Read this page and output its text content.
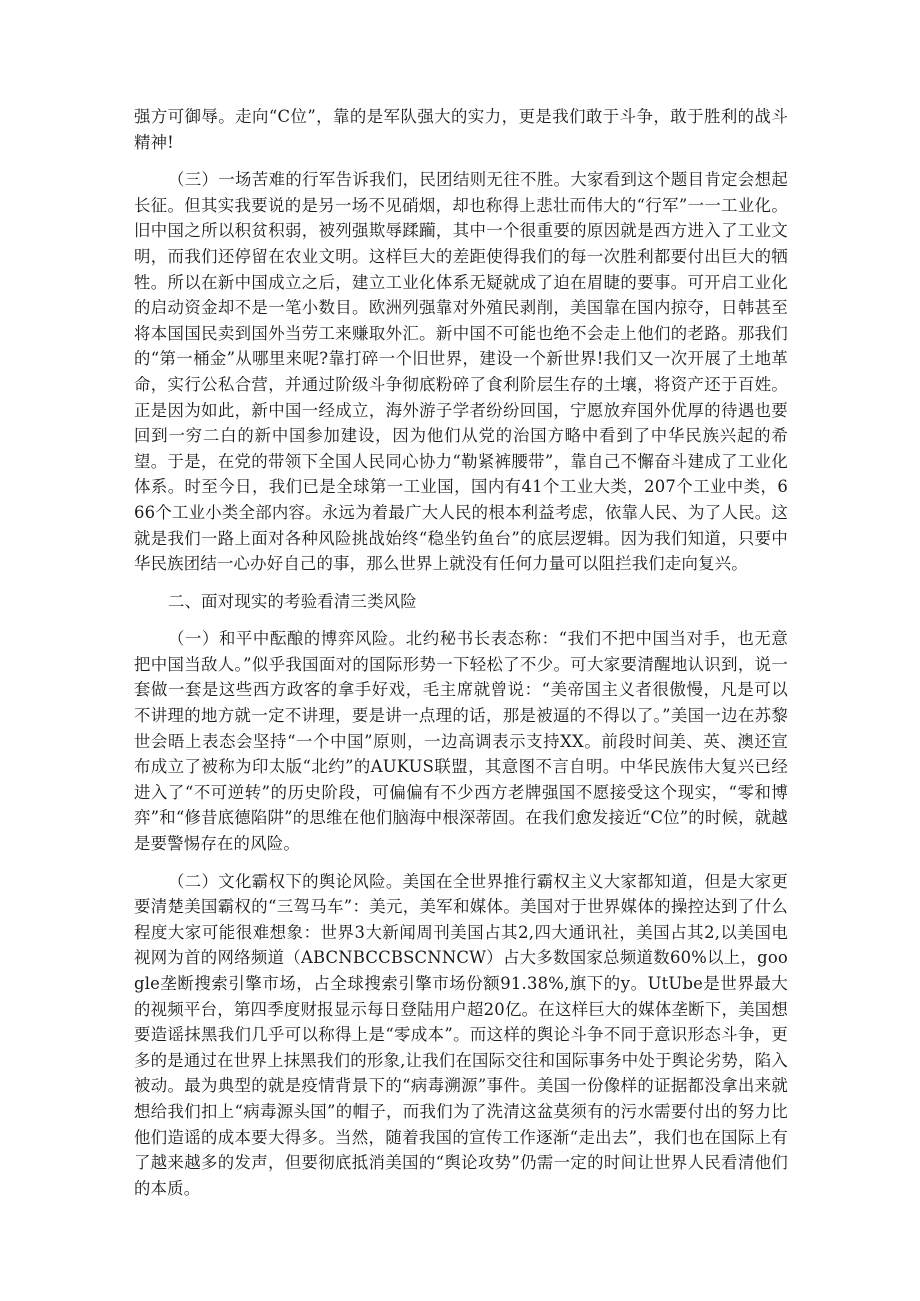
强方可御辱。走向“C位”，靠的是军队强大的实力，更是我们敢于斗争，敢于胜利的战斗精神!

（三）一场苦难的行军告诉我们，民团结则无往不胜。大家看到这个题目肯定会想起长征。但其实我要说的是另一场不见硝烟，却也称得上悲壮而伟大的“行军”一一工业化。旧中国之所以积贫积弱，被列强欺辱蹂躏，其中一个很重要的原因就是西方进入了工业文明，而我们还停留在农业文明。这样巨大的差距使得我们的每一次胜利都要付出巨大的牺牲。所以在新中国成立之后，建立工业化体系无疑就成了迫在眉睫的要事。可开启工业化的启动资金却不是一笔小数目。欧洲列强靠对外殖民剥削，美国靠在国内掠夺，日韩甚至将本国国民卖到国外当劳工来赚取外汇。新中国不可能也绝不会走上他们的老路。那我们的“第一桶金”从哪里来呢?靠打碎一个旧世界，建设一个新世界!我们又一次开展了土地革命，实行公私合营，并通过阶级斗争彻底粉碎了食利阶层生存的土壤，将资产还于百姓。正是因为如此，新中国一经成立，海外游子学者纷纷回国，宁愿放弃国外优厚的待遇也要回到一穷二白的新中国参加建设，因为他们从党的治国方略中看到了中华民族兴起的希望。于是，在党的带领下全国人民同心协力“勒紧裤腰带”，靠自己不懈奋斗建成了工业化体系。时至今日，我们已是全球第一工业国，国内有41个工业大类，207个工业中类，666个工业小类全部内容。永远为着最广大人民的根本利益考虑，依靠人民、为了人民。这就是我们一路上面对各种风险挑战始终“稳坐钓鱼台”的底层逻辑。因为我们知道，只要中华民族团结一心办好自己的事，那么世界上就没有任何力量可以阻拦我们走向复兴。

二、面对现实的考验看清三类风险

（一）和平中酝酿的博弈风险。北约秘书长表态称：“我们不把中国当对手，也无意把中国当敌人。”似乎我国面对的国际形势一下轻松了不少。可大家要清醒地认识到，说一套做一套是这些西方政客的拿手好戏，毛主席就曾说：“美帝国主义者很傲慢，凡是可以不讲理的地方就一定不讲理，要是讲一点理的话，那是被逼的不得以了。”美国一边在苏黎世会晤上表态会坚持“一个中国”原则，一边高调表示支持XX。前段时间美、英、澳还宣布成立了被称为印太版“北约”的AUKUS联盟，其意图不言自明。中华民族伟大复兴已经进入了“不可逆转”的历史阶段，可偏偏有不少西方老牌强国不愿接受这个现实，“零和博弈”和“修昔底德陷阱”的思维在他们脑海中根深蒂固。在我们愈发接近“C位”的时候，就越是要警惕存在的风险。

（二）文化霸权下的舆论风险。美国在全世界推行霸权主义大家都知道，但是大家更要清楚美国霸权的“三驾马车”：美元，美军和媒体。美国对于世界媒体的操控达到了什么程度大家可能很难想象：世界3大新闻周刊美国占其2,四大通讯社，美国占其2,以美国电视网为首的网络频道（ABCNBCCBSCNNCW）占大多数国家总频道数60%以上，google垄断搜索引擎市场，占全球搜索引擎市场份额91.38%,旗下的y。UtUbe是世界最大的视频平台，第四季度财报显示每日登陆用户超20亿。在这样巨大的媒体垄断下，美国想要造谣抹黑我们几乎可以称得上是“零成本”。而这样的舆论斗争不同于意识形态斗争，更多的是通过在世界上抹黑我们的形象,让我们在国际交往和国际事务中处于舆论劣势，陷入被动。最为典型的就是疫情背景下的“病毒溯源”事件。美国一份像样的证据都没拿出来就想给我们扣上“病毒源头国”的帽子，而我们为了洗清这盆莫须有的污水需要付出的努力比他们造谣的成本要大得多。当然，随着我国的宣传工作逐渐“走出去”，我们也在国际上有了越来越多的发声，但要彻底抵消美国的“舆论攻势”仍需一定的时间让世界人民看清他们的本质。
